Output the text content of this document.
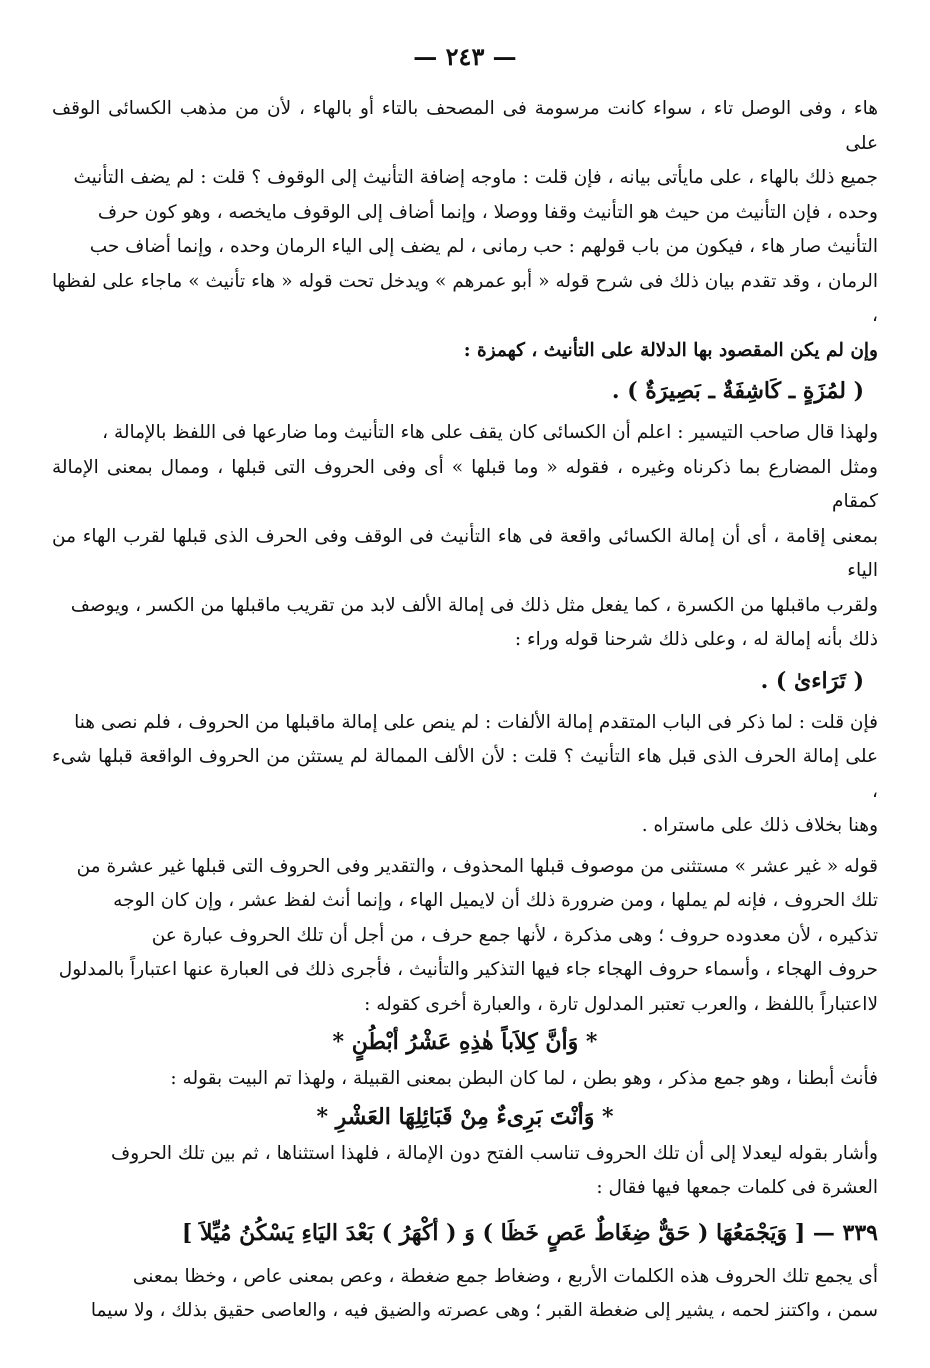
— ٢٤٣ —

هاء ، وفى الوصل تاء ، سواء كانت مرسومة فى المصحف بالتاء أو بالهاء ، لأن من مذهب الكسائى الوقف على

جميع ذلك بالهاء ، على مايأتى بيانه ، فإن قلت : ماوجه إضافة التأنيث إلى الوقوف ؟ قلت : لم يضف التأنيث

وحده ، فإن التأنيث من حيث هو التأنيث وقفا ووصلا ، وإنما أضاف إلى الوقوف مايخصه ، وهو كون حرف

التأنيث صار هاء ، فيكون من باب قولهم : حب رمانى ، لم يضف إلى الياء الرمان وحده ، وإنما أضاف حب

الرمان ، وقد تقدم بيان ذلك فى شرح قوله « أبو عمرهم » ويدخل تحت قوله « هاء تأنيث » ماجاء على لفظها ،

وإن لم يكن المقصود بها الدلالة على التأنيث ، كهمزة :

( لمُزَةٍ ـ كَاشِفَةٌ ـ بَصِيرَةٌ ) .

ولهذا قال صاحب التيسير : اعلم أن الكسائى كان يقف على هاء التأنيث وما ضارعها فى اللفظ بالإمالة ،

ومثل المضارع بما ذكرناه وغيره ، فقوله « وما قبلها » أى وفى الحروف التى قبلها ، وممال بمعنى الإمالة كمقام

بمعنى إقامة ، أى أن إمالة الكسائى واقعة فى هاء التأنيث فى الوقف وفى الحرف الذى قبلها لقرب الهاء من الياء

ولقرب ماقبلها من الكسرة ، كما يفعل مثل ذلك فى إمالة الألف لابد من تقريب ماقبلها من الكسر ، ويوصف

ذلك بأنه إمالة له ، وعلى ذلك شرحنا قوله وراء :

( تَرَاءىٰ ) .

فإن قلت : لما ذكر فى الباب المتقدم إمالة الألفات : لم ينص على إمالة ماقبلها من الحروف ، فلم نصى هنا

على إمالة الحرف الذى قبل هاء التأنيث ؟ قلت : لأن الألف الممالة لم يستثن من الحروف الواقعة قبلها شىء ،

وهنا بخلاف ذلك على ماستراه .

قوله « غير عشر » مستثنى من موصوف قبلها المحذوف ، والتقدير وفى الحروف التى قبلها غير عشرة من

تلك الحروف ، فإنه لم يملها ، ومن ضرورة ذلك أن لايميل الهاء ، وإنما أنث لفظ عشر ، وإن كان الوجه

تذكيره ، لأن معدوده حروف ؛ وهى مذكرة ، لأنها جمع حرف ، من أجل أن تلك الحروف عبارة عن

حروف الهجاء ، وأسماء حروف الهجاء جاء فيها التذكير والتأنيث ، فأجرى ذلك فى العبارة عنها اعتباراً بالمدلول

لااعتباراً باللفظ ، والعرب تعتبر المدلول تارة ، والعبارة أخرى كقوله :

* وَأنَّ كِلاَباً هٰذِهِ عَشْرُ أبْطُنٍ *

فأنث أبطنا ، وهو جمع مذكر ، وهو بطن ، لما كان البطن بمعنى القبيلة ، ولهذا تم البيت بقوله :

* وَأنْتَ بَرِىءٌ مِنْ قَبَائِلِهَا العَشْرِ *

وأشار بقوله ليعدلا إلى أن تلك الحروف تناسب الفتح دون الإمالة ، فلهذا استثناها ، ثم بين تلك الحروف

العشرة فى كلمات جمعها فيها فقال :

٣٣٩ — [ وَيَجْمَعُهَا ( حَقٌّ ضِغَاطٌ عَصٍ خَظَا ) وَ ( أكْهَرُ ) بَعْدَ اليَاءِ يَسْكُنُ مُيِّلاَ ]

أى يجمع تلك الحروف هذه الكلمات الأربع ، وضغاط جمع ضغطة ، وعص بمعنى عاص ، وخظا بمعنى

سمن ، واكتنز لحمه ، يشير إلى ضغطة القبر ؛ وهى عصرته والضيق فيه ، والعاصى حقيق بذلك ، ولا سيما
